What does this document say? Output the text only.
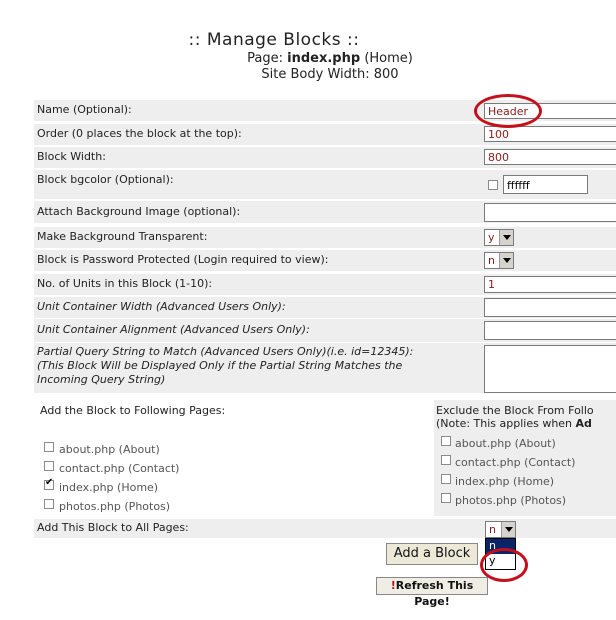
:: Manage Blocks ::
Page: index.php (Home)
Site Body Width: 800
Name (Optional):	Header
Order (0 places the block at the top):	100
Block Width:	800
Block bgcolor (Optional):	ffffff
Attach Background Image (optional):
Make Background Transparent:	y
Block is Password Protected (Login required to view):	n
No. of Units in this Block (1-10):	1
Unit Container Width (Advanced Users Only):
Unit Container Alignment (Advanced Users Only):
Partial Query String to Match (Advanced Users Only)(i.e. id=12345):
(This Block Will be Displayed Only if the Partial String Matches the
Incoming Query String)
Add the Block to Following Pages:
about.php (About)
contact.php (Contact)
✔
index.php (Home)
photos.php (Photos)
Exclude the Block From Follo
(Note: This applies when Ad
about.php (About)
contact.php (Contact)
index.php (Home)
photos.php (Photos)
Add This Block to All Pages:	n
n
y
Add a Block
!Refresh This Page!
